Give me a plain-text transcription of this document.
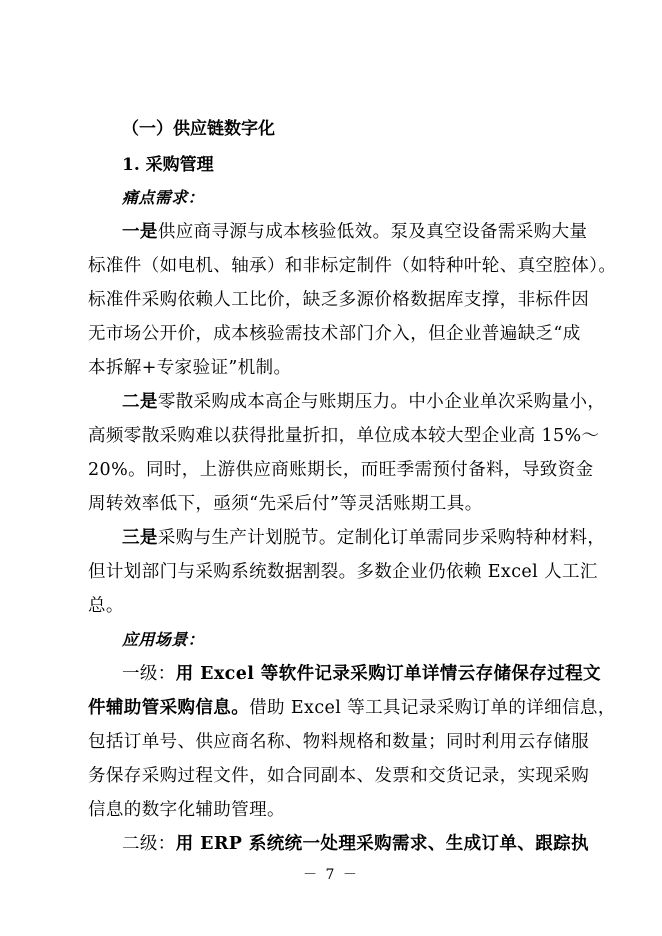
（一）供应链数字化
1. 采购管理
痛点需求：
一是供应商寻源与成本核验低效。泵及真空设备需采购大量
标准件（如电机、轴承）和非标定制件（如特种叶轮、真空腔体）。
标准件采购依赖人工比价，缺乏多源价格数据库支撑，非标件因
无市场公开价，成本核验需技术部门介入，但企业普遍缺乏“成
本拆解+专家验证”机制。
二是零散采购成本高企与账期压力。中小企业单次采购量小，
高频零散采购难以获得批量折扣，单位成本较大型企业高 15%～
20%。同时，上游供应商账期长，而旺季需预付备料，导致资金
周转效率低下，亟须“先采后付”等灵活账期工具。
三是采购与生产计划脱节。定制化订单需同步采购特种材料，
但计划部门与采购系统数据割裂。多数企业仍依赖 Excel 人工汇
总。
应用场景：
一级：用 Excel 等软件记录采购订单详情云存储保存过程文
件辅助管采购信息。借助 Excel 等工具记录采购订单的详细信息，
包括订单号、供应商名称、物料规格和数量；同时利用云存储服
务保存采购过程文件，如合同副本、发票和交货记录，实现采购
信息的数字化辅助管理。
二级：用 ERP 系统统一处理采购需求、生成订单、跟踪执
－ 7 －
